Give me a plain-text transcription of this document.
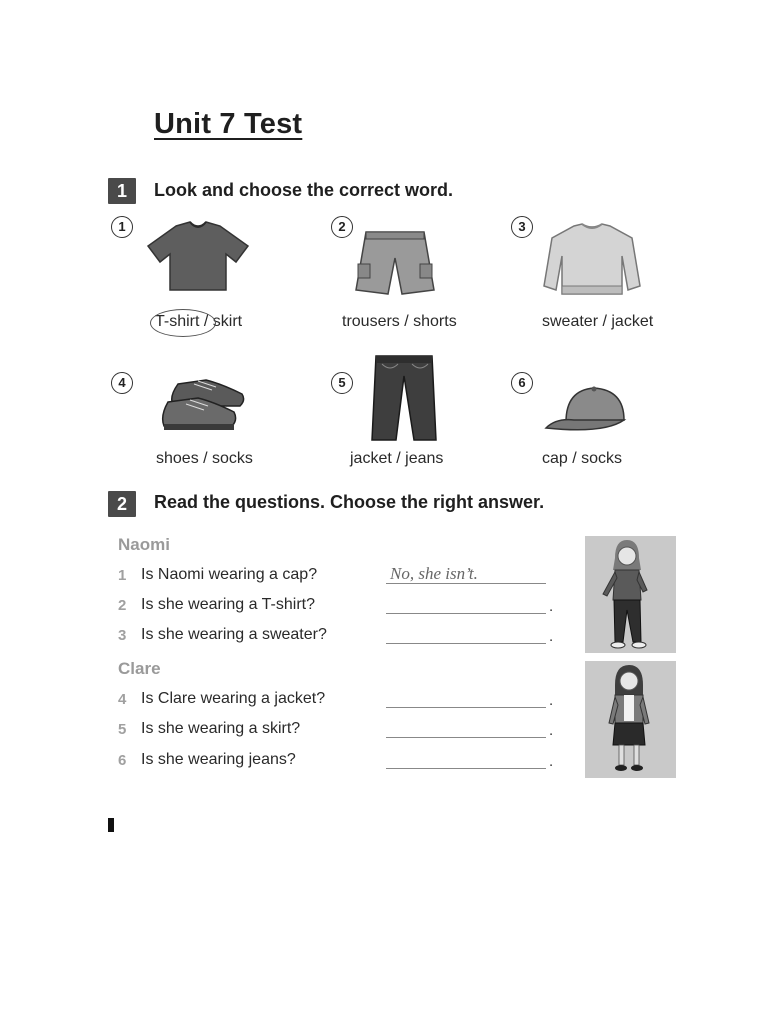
Unit 7 Test
1	Look and choose the correct word.
1
T-shirt / skirt
2
trousers / shorts
3
sweater / jacket
4
shoes / socks
5
jacket / jeans
6
cap / socks
2	Read the questions. Choose the right answer.
Naomi
1 Is Naomi wearing a cap?	No, she isn’t.
2 Is she wearing a T-shirt?	.
3 Is she wearing a sweater?	.
Clare
4 Is Clare wearing a jacket?	.
5 Is she wearing a skirt?	.
6 Is she wearing jeans?	.
